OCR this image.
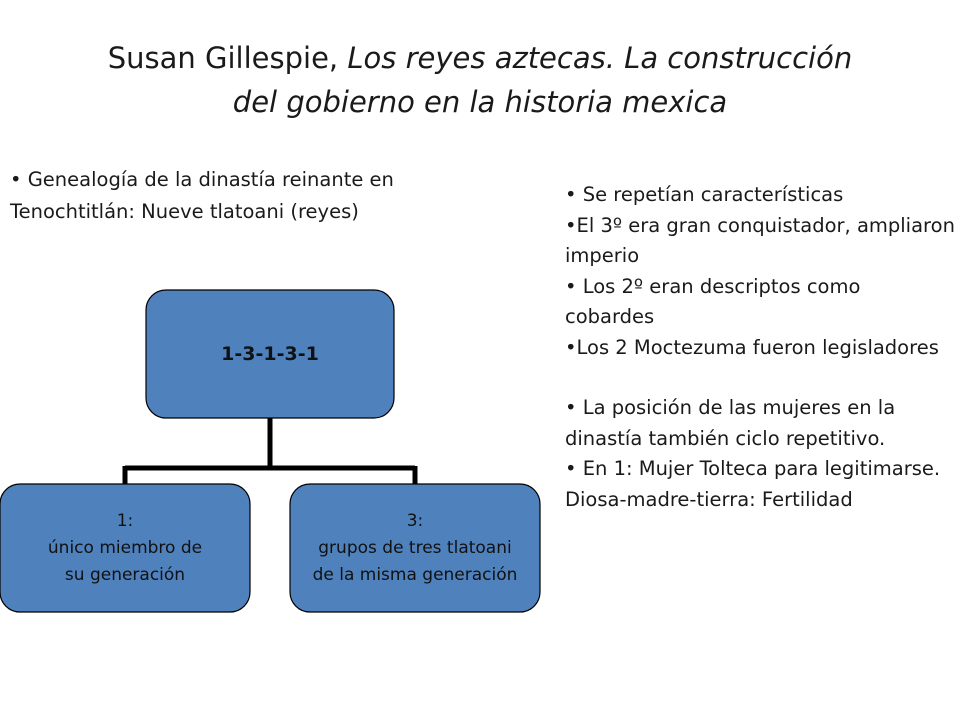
Susan Gillespie, Los reyes aztecas. La construcción
del gobierno en la historia mexica
• Genealogía de la dinastía reinante en Tenochtitlán: Nueve tlatoani (reyes)

• Se repetían características

•El 3º era gran conquistador, ampliaron imperio

• Los 2º eran descriptos como cobardes

•Los 2 Moctezuma fueron legisladores

• La posición de las mujeres en la dinastía también ciclo repetitivo.

• En 1: Mujer Tolteca para legitimarse. Diosa-madre-tierra: Fertilidad

1-3-1-3-1
1:
único miembro de
su generación
3:
grupos de tres tlatoani
de la misma generación
